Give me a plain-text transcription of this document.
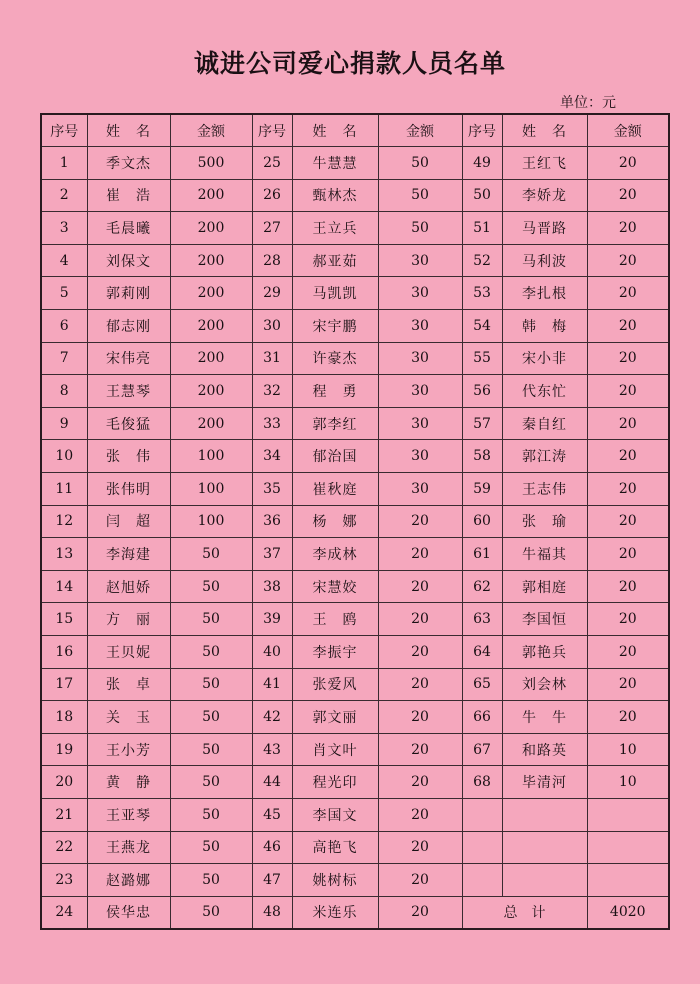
诚进公司爱心捐款人员名单
单位：元
序号	姓　名	金额	序号	姓　名	金额	序号	姓　名	金额
1	季文杰	500	25	牛慧慧	50	49	王红飞	20
2	崔　浩	200	26	甄林杰	50	50	李娇龙	20
3	毛晨曦	200	27	王立兵	50	51	马晋路	20
4	刘保文	200	28	郝亚茹	30	52	马利波	20
5	郭莉刚	200	29	马凯凯	30	53	李扎根	20
6	郁志刚	200	30	宋宇鹏	30	54	韩　梅	20
7	宋伟亮	200	31	许豪杰	30	55	宋小非	20
8	王慧琴	200	32	程　勇	30	56	代东忙	20
9	毛俊猛	200	33	郭李红	30	57	秦自红	20
10	张　伟	100	34	郁治国	30	58	郭江涛	20
11	张伟明	100	35	崔秋庭	30	59	王志伟	20
12	闫　超	100	36	杨　娜	20	60	张　瑜	20
13	李海建	50	37	李成林	20	61	牛福其	20
14	赵旭娇	50	38	宋慧姣	20	62	郭相庭	20
15	方　丽	50	39	王　鸥	20	63	李国恒	20
16	王贝妮	50	40	李振宇	20	64	郭艳兵	20
17	张　卓	50	41	张爱风	20	65	刘会林	20
18	关　玉	50	42	郭文丽	20	66	牛　牛	20
19	王小芳	50	43	肖文叶	20	67	和路英	10
20	黄　静	50	44	程光印	20	68	毕清河	10
21	王亚琴	50	45	李国文	20			
22	王燕龙	50	46	高艳飞	20			
23	赵潞娜	50	47	姚树标	20			
24	侯华忠	50	48	米连乐	20	总　计		4020
